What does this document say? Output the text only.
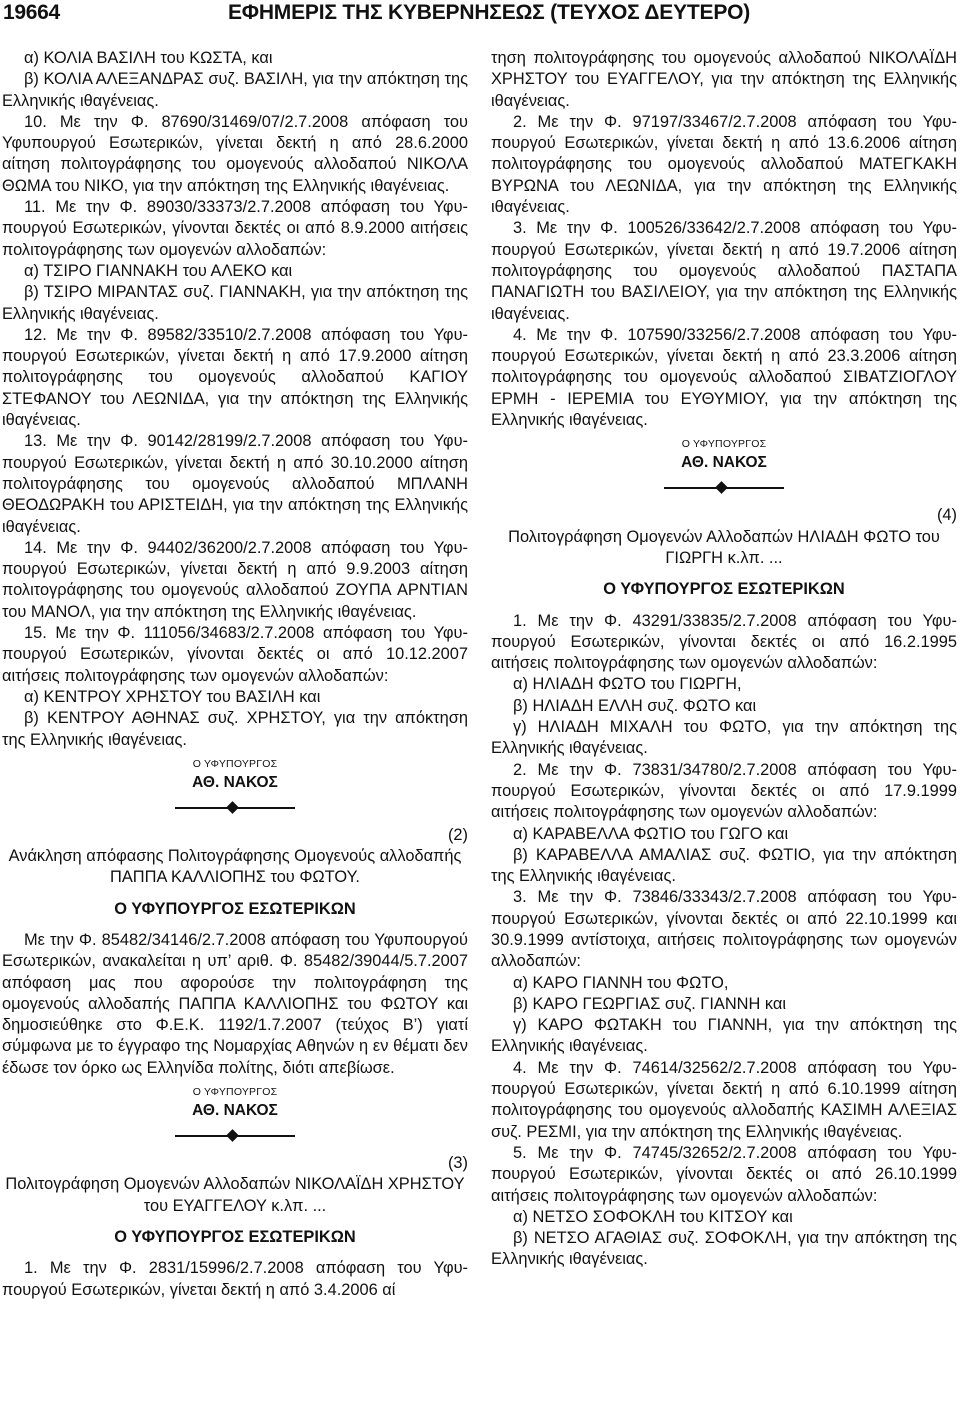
19664	ΕΦΗΜΕΡΙΣ ΤΗΣ ΚΥΒΕΡΝΗΣΕΩΣ (ΤΕΥΧΟΣ ΔΕΥΤΕΡΟ)

α) ΚΟΛΙΑ ΒΑΣΙΛΗ του ΚΩΣΤΑ, και

β) ΚΟΛΙΑ ΑΛΕΞΑΝΔΡΑΣ συζ. ΒΑΣΙΛΗ, για την απόκτηση της Ελληνικής ιθαγένειας.

10. Με την Φ. 87690/31469/07/2.7.2008 απόφαση του Υφυπουργού Εσωτερικών, γίνεται δεκτή η από 28.6.2000 αίτηση πολιτογράφησης του ομογενούς αλλοδαπού ΝΙΚΟΛΑ ΘΩΜΑ του ΝΙΚΟ, για την απόκτηση της Ελληνικής ιθαγένειας.

11. Με την Φ. 89030/33373/2.7.2008 απόφαση του Υφυπουργού Εσωτερικών, γίνονται δεκτές οι από 8.9.2000 αιτήσεις πολιτογράφησης των ομογενών αλλοδαπών:

α) ΤΣΙΡΟ ΓΙΑΝΝΑΚΗ του ΑΛΕΚΟ και

β) ΤΣΙΡΟ ΜΙΡΑΝΤΑΣ συζ. ΓΙΑΝΝΑΚΗ, για την απόκτηση της Ελληνικής ιθαγένειας.

12. Με την Φ. 89582/33510/2.7.2008 απόφαση του Υφυπουργού Εσωτερικών, γίνεται δεκτή η από 17.9.2000 αίτηση πολιτογράφησης του ομογενούς αλλοδαπού ΚΑΓΙΟΥ ΣΤΕΦΑΝΟΥ του ΛΕΩΝΙΔΑ, για την απόκτηση της Ελληνικής ιθαγένειας.

13. Με την Φ. 90142/28199/2.7.2008 απόφαση του Υφυπουργού Εσωτερικών, γίνεται δεκτή η από 30.10.2000 αίτηση πολιτογράφησης του ομογενούς αλλοδαπού ΜΠΛΑΝΗ ΘΕΟΔΩΡΑΚΗ του ΑΡΙΣΤΕΙΔΗ, για την απόκτηση της Ελληνικής ιθαγένειας.

14. Με την Φ. 94402/36200/2.7.2008 απόφαση του Υφυπουργού Εσωτερικών, γίνεται δεκτή η από 9.9.2003 αίτηση πολιτογράφησης του ομογενούς αλλοδαπού ΖΟΥΠΑ ΑΡΝΤΙΑΝ του ΜΑΝΟΛ, για την απόκτηση της Ελληνικής ιθαγένειας.

15. Με την Φ. 111056/34683/2.7.2008 απόφαση του Υφυπουργού Εσωτερικών, γίνονται δεκτές οι από 10.12.2007 αιτήσεις πολιτογράφησης των ομογενών αλλοδαπών:

α) ΚΕΝΤΡΟΥ ΧΡΗΣΤΟΥ του ΒΑΣΙΛΗ και

β) ΚΕΝΤΡΟΥ ΑΘΗΝΑΣ συζ. ΧΡΗΣΤΟΥ, για την απόκτηση της Ελληνικής ιθαγένειας.

Ο ΥΦΥΠΟΥΡΓΟΣ

ΑΘ. ΝΑΚΟΣ

(2)

Ανάκληση απόφασης Πολιτογράφησης Ομογενούς αλλοδαπής ΠΑΠΠΑ ΚΑΛΛΙΟΠΗΣ του ΦΩΤΟΥ.

Ο ΥΦΥΠΟΥΡΓΟΣ ΕΣΩΤΕΡΙΚΩΝ

Με την Φ. 85482/34146/2.7.2008 απόφαση του Υφυπουργού Εσωτερικών, ανακαλείται η υπ’ αριθ. Φ. 85482/39044/5.7.2007 απόφαση μας που αφορούσε την πολιτογράφηση της ομογενούς αλλοδαπής ΠΑΠΠΑ ΚΑΛΛΙΟΠΗΣ του ΦΩΤΟΥ και δημοσιεύθηκε στο Φ.Ε.Κ. 1192/1.7.2007 (τεύχος Β’) γιατί σύμφωνα με το έγγραφο της Νομαρχίας Αθηνών η εν θέματι δεν έδωσε τον όρκο ως Ελληνίδα πολίτης, διότι απεβίωσε.

Ο ΥΦΥΠΟΥΡΓΟΣ

ΑΘ. ΝΑΚΟΣ

(3)

Πολιτογράφηση Ομογενών Αλλοδαπών ΝΙΚΟΛΑΪΔΗ ΧΡΗΣΤΟΥ του ΕΥΑΓΓΕΛΟΥ κ.λπ. ...

Ο ΥΦΥΠΟΥΡΓΟΣ ΕΣΩΤΕΡΙΚΩΝ

1. Με την Φ. 2831/15996/2.7.2008 απόφαση του Υφυπουργού Εσωτερικών, γίνεται δεκτή η από 3.4.2006 αί

τηση πολιτογράφησης του ομογενούς αλλοδαπού ΝΙΚΟΛΑΪΔΗ ΧΡΗΣΤΟΥ του ΕΥΑΓΓΕΛΟΥ, για την απόκτηση της Ελληνικής ιθαγένειας.

2. Με την Φ. 97197/33467/2.7.2008 απόφαση του Υφυπουργού Εσωτερικών, γίνεται δεκτή η από 13.6.2006 αίτηση πολιτογράφησης του ομογενούς αλλοδαπού ΜΑΤΕΓΚΑΚΗ ΒΥΡΩΝΑ του ΛΕΩΝΙΔΑ, για την απόκτηση της Ελληνικής ιθαγένειας.

3. Με την Φ. 100526/33642/2.7.2008 απόφαση του Υφυπουργού Εσωτερικών, γίνεται δεκτή η από 19.7.2006 αίτηση πολιτογράφησης του ομογενούς αλλοδαπού ΠΑΣΤΑΠΑ ΠΑΝΑΓΙΩΤΗ του ΒΑΣΙΛΕΙΟΥ, για την απόκτηση της Ελληνικής ιθαγένειας.

4. Με την Φ. 107590/33256/2.7.2008 απόφαση του Υφυπουργού Εσωτερικών, γίνεται δεκτή η από 23.3.2006 αίτηση πολιτογράφησης του ομογενούς αλλοδαπού ΣΙΒΑΤΖΙΟΓΛΟΥ ΕΡΜΗ - ΙΕΡΕΜΙΑ του ΕΥΘΥΜΙΟΥ, για την απόκτηση της Ελληνικής ιθαγένειας.

Ο ΥΦΥΠΟΥΡΓΟΣ

ΑΘ. ΝΑΚΟΣ

(4)

Πολιτογράφηση Ομογενών Αλλοδαπών ΗΛΙΑΔΗ ΦΩΤΟ του ΓΙΩΡΓΗ κ.λπ. ...

Ο ΥΦΥΠΟΥΡΓΟΣ ΕΣΩΤΕΡΙΚΩΝ

1. Με την Φ. 43291/33835/2.7.2008 απόφαση του Υφυπουργού Εσωτερικών, γίνονται δεκτές οι από 16.2.1995 αιτήσεις πολιτογράφησης των ομογενών αλλοδαπών:

α) ΗΛΙΑΔΗ ΦΩΤΟ του ΓΙΩΡΓΗ,

β) ΗΛΙΑΔΗ ΕΛΛΗ συζ. ΦΩΤΟ και

γ) ΗΛΙΑΔΗ ΜΙΧΑΛΗ του ΦΩΤΟ, για την απόκτηση της Ελληνικής ιθαγένειας.

2. Με την Φ. 73831/34780/2.7.2008 απόφαση του Υφυπουργού Εσωτερικών, γίνονται δεκτές οι από 17.9.1999 αιτήσεις πολιτογράφησης των ομογενών αλλοδαπών:

α) ΚΑΡΑΒΕΛΛΑ ΦΩΤΙΟ του ΓΩΓΟ και

β) ΚΑΡΑΒΕΛΛΑ ΑΜΑΛΙΑΣ συζ. ΦΩΤΙΟ, για την απόκτηση της Ελληνικής ιθαγένειας.

3. Με την Φ. 73846/33343/2.7.2008 απόφαση του Υφυπουργού Εσωτερικών, γίνονται δεκτές οι από 22.10.1999 και 30.9.1999 αντίστοιχα, αιτήσεις πολιτογράφησης των ομογενών αλλοδαπών:

α) ΚΑΡΟ ΓΙΑΝΝΗ του ΦΩΤΟ,

β) ΚΑΡΟ ΓΕΩΡΓΙΑΣ συζ. ΓΙΑΝΝΗ και

γ) ΚΑΡΟ ΦΩΤΑΚΗ του ΓΙΑΝΝΗ, για την απόκτηση της Ελληνικής ιθαγένειας.

4. Με την Φ. 74614/32562/2.7.2008 απόφαση του Υφυπουργού Εσωτερικών, γίνεται δεκτή η από 6.10.1999 αίτηση πολιτογράφησης του ομογενούς αλλοδαπής ΚΑΣΙΜΗ ΑΛΕΞΙΑΣ συζ. ΡΕΣΜΙ, για την απόκτηση της Ελληνικής ιθαγένειας.

5. Με την Φ. 74745/32652/2.7.2008 απόφαση του Υφυπουργού Εσωτερικών, γίνονται δεκτές οι από 26.10.1999 αιτήσεις πολιτογράφησης των ομογενών αλλοδαπών:

α) ΝΕΤΣΟ ΣΟΦΟΚΛΗ του ΚΙΤΣΟΥ και

β) ΝΕΤΣΟ ΑΓΑΘΙΑΣ συζ. ΣΟΦΟΚΛΗ, για την απόκτηση της Ελληνικής ιθαγένειας.
